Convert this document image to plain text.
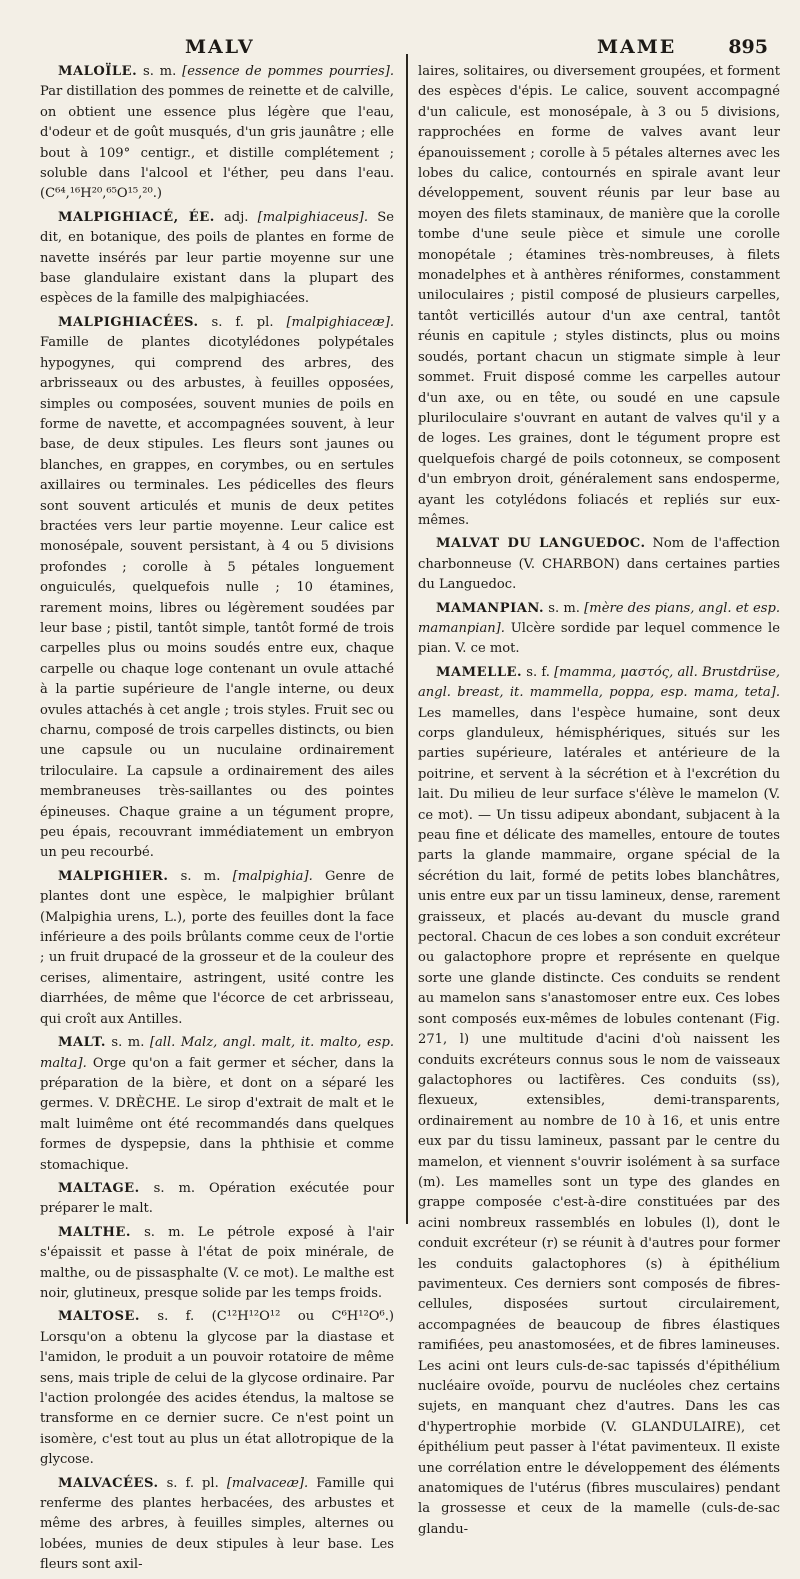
MALV	MAME	895

MALOÏLE. s. m. [essence de pommes pourries]. Par distillation des pommes de reinette et de calville, on obtient une essence plus légère que l'eau, d'odeur et de goût musqués, d'un gris jaunâtre ; elle bout à 109° centigr., et distille complétement ; soluble dans l'alcool et l'éther, peu dans l'eau. (C⁶⁴,¹⁶H²⁰,⁶⁵O¹⁵,²⁰.)

MALPIGHIACÉ, ÉE. adj. [malpighiaceus]. Se dit, en botanique, des poils de plantes en forme de navette insérés par leur partie moyenne sur une base glandulaire existant dans la plupart des espèces de la famille des malpighiacées.

MALPIGHIACÉES. s. f. pl. [malpighiaceæ]. Famille de plantes dicotylédones polypétales hypogynes, qui comprend des arbres, des arbrisseaux ou des arbustes, à feuilles opposées, simples ou composées, souvent munies de poils en forme de navette, et accompagnées souvent, à leur base, de deux stipules. Les fleurs sont jaunes ou blanches, en grappes, en corymbes, ou en sertules axillaires ou terminales. Les pédicelles des fleurs sont souvent articulés et munis de deux petites bractées vers leur partie moyenne. Leur calice est monosépale, souvent persistant, à 4 ou 5 divisions profondes ; corolle à 5 pétales longuement onguiculés, quelquefois nulle ; 10 étamines, rarement moins, libres ou légèrement soudées par leur base ; pistil, tantôt simple, tantôt formé de trois carpelles plus ou moins soudés entre eux, chaque carpelle ou chaque loge contenant un ovule attaché à la partie supérieure de l'angle interne, ou deux ovules attachés à cet angle ; trois styles. Fruit sec ou charnu, composé de trois carpelles distincts, ou bien une capsule ou un nuculaine ordinairement triloculaire. La capsule a ordinairement des ailes membraneuses très-saillantes ou des pointes épineuses. Chaque graine a un tégument propre, peu épais, recouvrant immédiatement un embryon un peu recourbé.

MALPIGHIER. s. m. [malpighia]. Genre de plantes dont une espèce, le malpighier brûlant (Malpighia urens, L.), porte des feuilles dont la face inférieure a des poils brûlants comme ceux de l'ortie ; un fruit drupacé de la grosseur et de la couleur des cerises, alimentaire, astringent, usité contre les diarrhées, de même que l'écorce de cet arbrisseau, qui croît aux Antilles.

MALT. s. m. [all. Malz, angl. malt, it. malto, esp. malta]. Orge qu'on a fait germer et sécher, dans la préparation de la bière, et dont on a séparé les germes. V. DRÈCHE. Le sirop d'extrait de malt et le malt luimême ont été recommandés dans quelques formes de dyspepsie, dans la phthisie et comme stomachique.

MALTAGE. s. m. Opération exécutée pour préparer le malt.

MALTHE. s. m. Le pétrole exposé à l'air s'épaissit et passe à l'état de poix minérale, de malthe, ou de pissasphalte (V. ce mot). Le malthe est noir, glutineux, presque solide par les temps froids.

MALTOSE. s. f. (C¹²H¹²O¹² ou C⁶H¹²O⁶.) Lorsqu'on a obtenu la glycose par la diastase et l'amidon, le produit a un pouvoir rotatoire de même sens, mais triple de celui de la glycose ordinaire. Par l'action prolongée des acides étendus, la maltose se transforme en ce dernier sucre. Ce n'est point un isomère, c'est tout au plus un état allotropique de la glycose.

MALVACÉES. s. f. pl. [malvaceæ]. Famille qui renferme des plantes herbacées, des arbustes et même des arbres, à feuilles simples, alternes ou lobées, munies de deux stipules à leur base. Les fleurs sont axil-

laires, solitaires, ou diversement groupées, et forment des espèces d'épis. Le calice, souvent accompagné d'un calicule, est monosépale, à 3 ou 5 divisions, rapprochées en forme de valves avant leur épanouissement ; corolle à 5 pétales alternes avec les lobes du calice, contournés en spirale avant leur développement, souvent réunis par leur base au moyen des filets staminaux, de manière que la corolle tombe d'une seule pièce et simule une corolle monopétale ; étamines très-nombreuses, à filets monadelphes et à anthères réniformes, constamment uniloculaires ; pistil composé de plusieurs carpelles, tantôt verticillés autour d'un axe central, tantôt réunis en capitule ; styles distincts, plus ou moins soudés, portant chacun un stigmate simple à leur sommet. Fruit disposé comme les carpelles autour d'un axe, ou en tête, ou soudé en une capsule pluriloculaire s'ouvrant en autant de valves qu'il y a de loges. Les graines, dont le tégument propre est quelquefois chargé de poils cotonneux, se composent d'un embryon droit, généralement sans endosperme, ayant les cotylédons foliacés et repliés sur eux-mêmes.

MALVAT DU LANGUEDOC. Nom de l'affection charbonneuse (V. CHARBON) dans certaines parties du Languedoc.

MAMANPIAN. s. m. [mère des pians, angl. et esp. mamanpian]. Ulcère sordide par lequel commence le pian. V. ce mot.

MAMELLE. s. f. [mamma, μαστός, all. Brustdrüse, angl. breast, it. mammella, poppa, esp. mama, teta]. Les mamelles, dans l'espèce humaine, sont deux corps glanduleux, hémisphériques, situés sur les parties supérieure, latérales et antérieure de la poitrine, et servent à la sécrétion et à l'excrétion du lait. Du milieu de leur surface s'élève le mamelon (V. ce mot). — Un tissu adipeux abondant, subjacent à la peau fine et délicate des mamelles, entoure de toutes parts la glande mammaire, organe spécial de la sécrétion du lait, formé de petits lobes blanchâtres, unis entre eux par un tissu lamineux, dense, rarement graisseux, et placés au-devant du muscle grand pectoral. Chacun de ces lobes a son conduit excréteur ou galactophore propre et représente en quelque sorte une glande distincte. Ces conduits se rendent au mamelon sans s'anastomoser entre eux. Ces lobes sont composés eux-mêmes de lobules contenant (Fig. 271, l) une multitude d'acini d'où naissent les conduits excréteurs connus sous le nom de vaisseaux galactophores ou lactifères. Ces conduits (ss), flexueux, extensibles, demi-transparents, ordinairement au nombre de 10 à 16, et unis entre eux par du tissu lamineux, passant par le centre du mamelon, et viennent s'ouvrir isolément à sa surface (m). Les mamelles sont un type des glandes en grappe composée c'est-à-dire constituées par des acini nombreux rassemblés en lobules (l), dont le conduit excréteur (r) se réunit à d'autres pour former les conduits galactophores (s) à épithélium pavimenteux. Ces derniers sont composés de fibres-cellules, disposées surtout circulairement, accompagnées de beaucoup de fibres élastiques ramifiées, peu anastomosées, et de fibres lamineuses. Les acini ont leurs culs-de-sac tapissés d'épithélium nucléaire ovoïde, pourvu de nucléoles chez certains sujets, en manquant chez d'autres. Dans les cas d'hypertrophie morbide (V. GLANDULAIRE), cet épithélium peut passer à l'état pavimenteux. Il existe une corrélation entre le développement des éléments anatomiques de l'utérus (fibres musculaires) pendant la grossesse et ceux de la mamelle (culs-de-sac glandu-
